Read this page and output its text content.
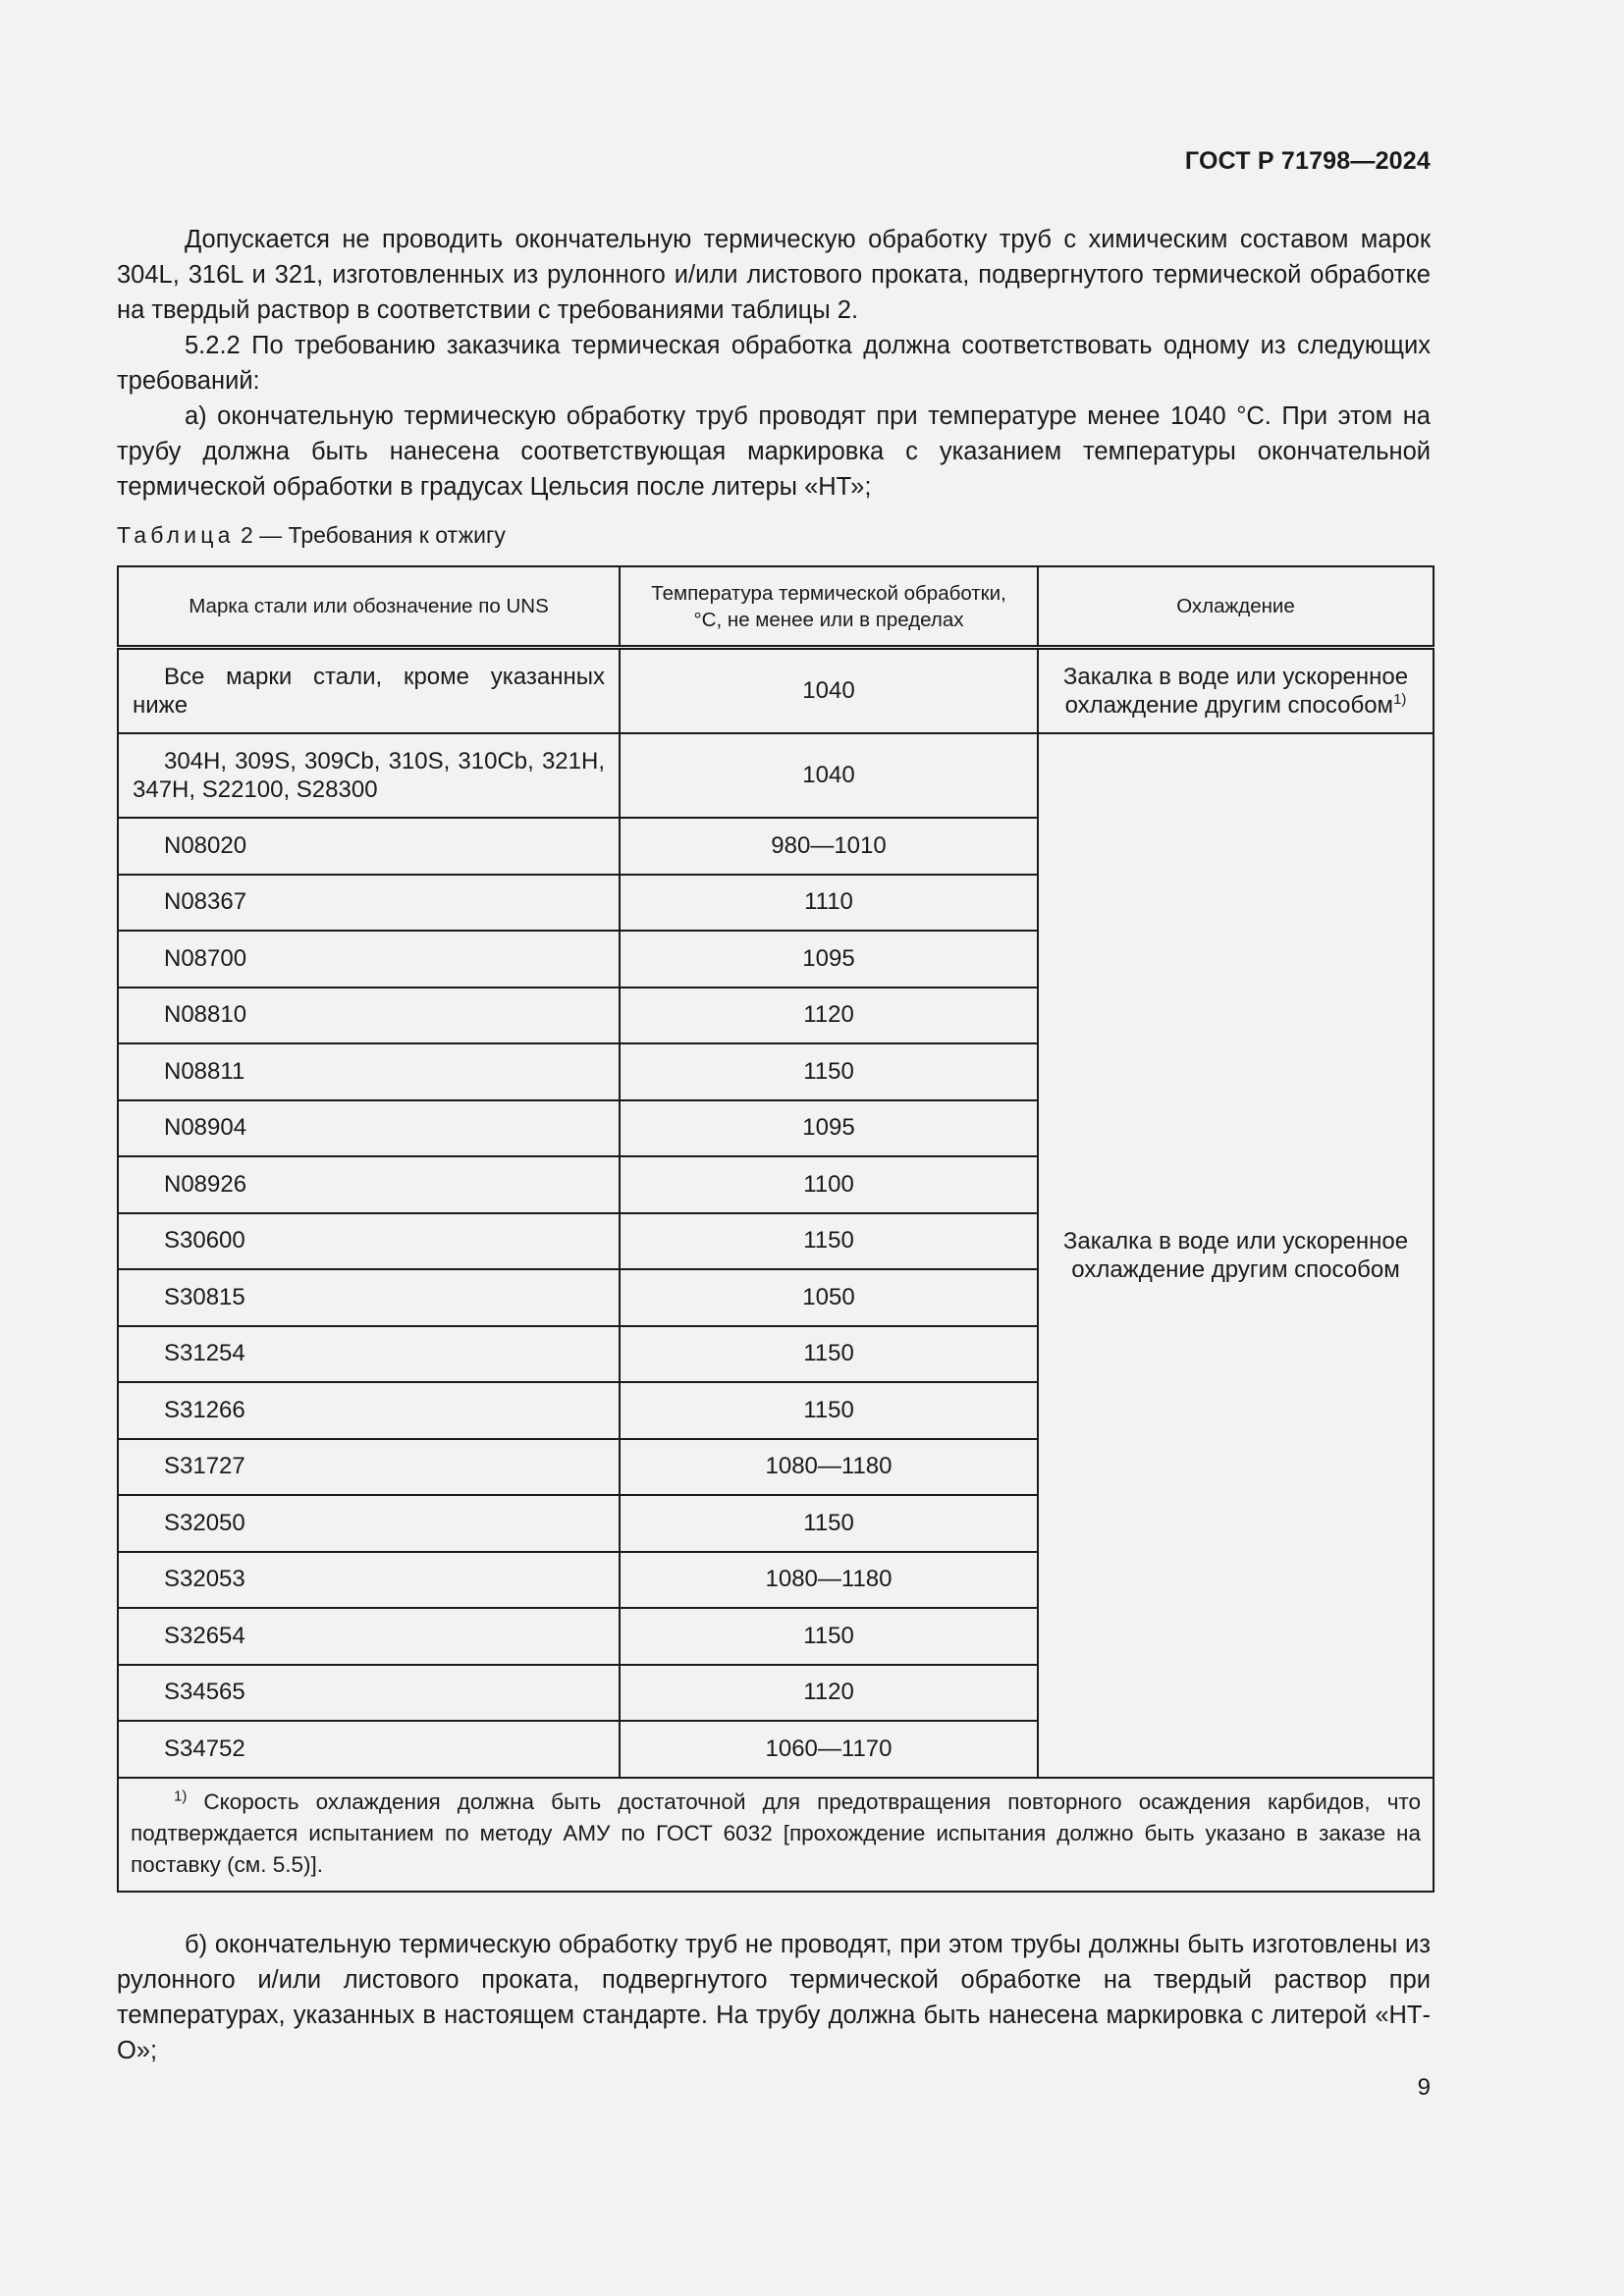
ГОСТ Р 71798—2024

Допускается не проводить окончательную термическую обработку труб с химическим составом марок 304L, 316L и 321, изготовленных из рулонного и/или листового проката, подвергнутого термической обработке на твердый раствор в соответствии с требованиями таблицы 2.

5.2.2 По требованию заказчика термическая обработка должна соответствовать одному из следующих требований:

а) окончательную термическую обработку труб проводят при температуре менее 1040 °С. При этом на трубу должна быть нанесена соответствующая маркировка с указанием температуры окончательной термической обработки в градусах Цельсия после литеры «НТ»;

Таблица 2 — Требования к отжигу
Марка стали или обозначение по UNS	Температура термической обработки, °С, не менее или в пределах	Охлаждение
Все марки стали, кроме указанных ниже	1040	Закалка в воде или ускоренное охлаждение другим способом$^{1)}$
304H, 309S, 309Cb, 310S, 310Cb, 321H, 347H, S22100, S28300	1040	Закалка в воде или ускоренное охлаждение другим способом
N08020	980—1010	
N08367	1110	
N08700	1095	
N08810	1120	
N08811	1150	
N08904	1095	
N08926	1100	
S30600	1150	
S30815	1050	
S31254	1150	
S31266	1150	
S31727	1080—1180	
S32050	1150	
S32053	1080—1180	
S32654	1150	
S34565	1120	
S34752	1060—1170	
$^{1)}$ Скорость охлаждения должна быть достаточной для предотвращения повторного осаждения карбидов, что подтверждается испытанием по методу АМУ по ГОСТ 6032 [прохождение испытания должно быть указано в заказе на поставку (см. 5.5)].		

б) окончательную термическую обработку труб не проводят, при этом трубы должны быть изготовлены из рулонного и/или листового проката, подвергнутого термической обработке на твердый раствор при температурах, указанных в настоящем стандарте. На трубу должна быть нанесена маркировка с литерой «НТ-О»;

9
